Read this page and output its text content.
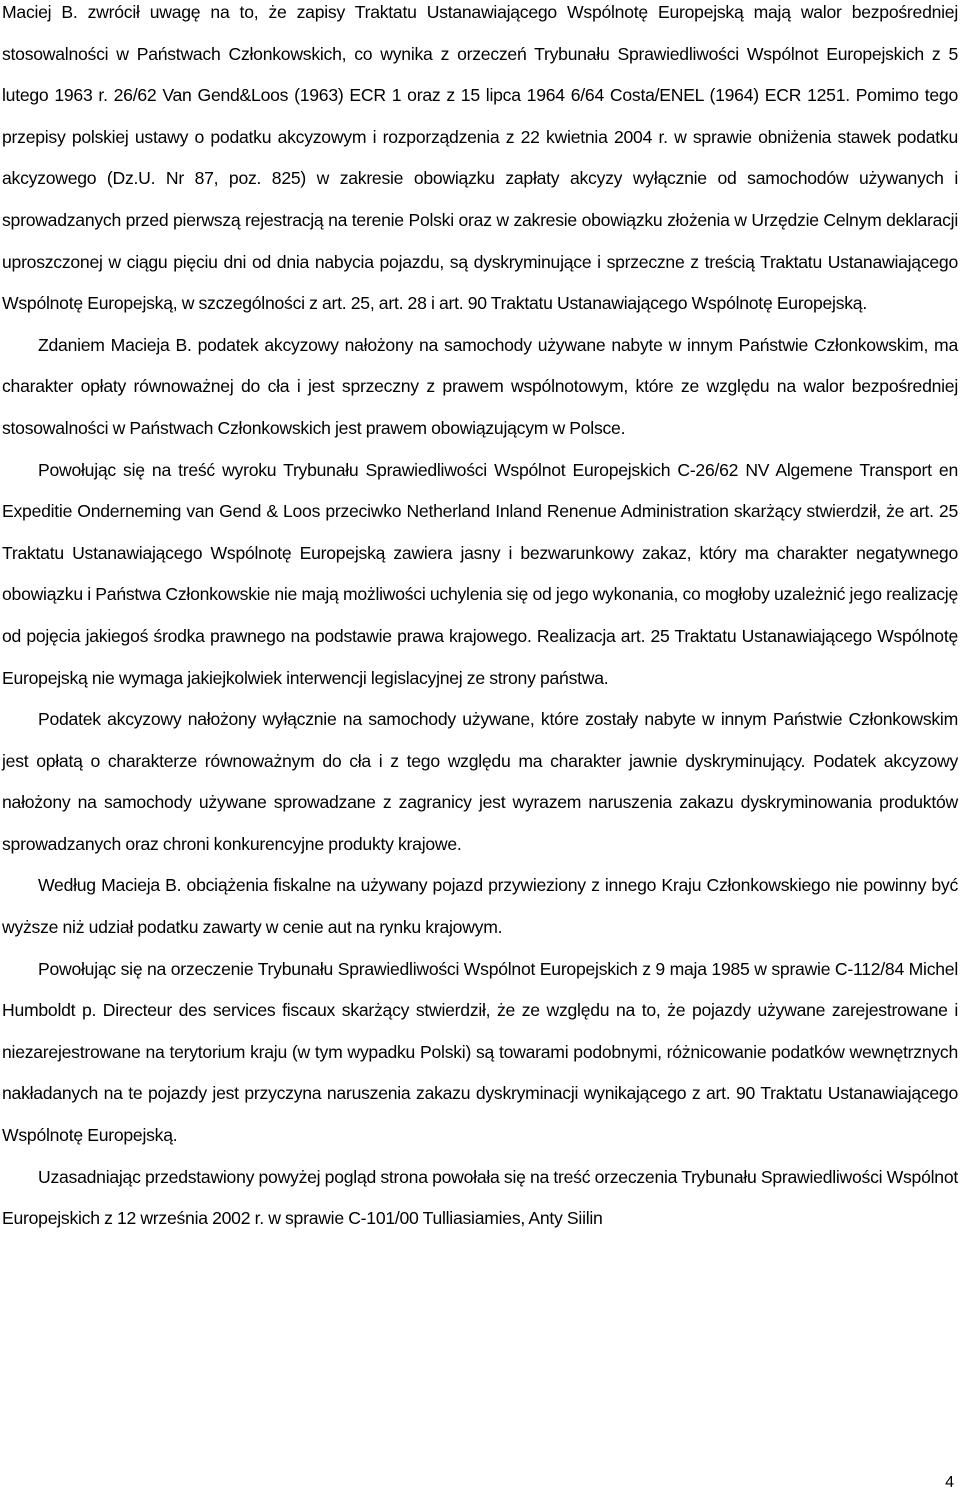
Maciej B. zwrócił uwagę na to, że zapisy Traktatu Ustanawiającego Wspólnotę Europejską mają walor bezpośredniej stosowalności w Państwach Członkowskich, co wynika z orzeczeń Trybunału Sprawiedliwości Wspólnot Europejskich z 5 lutego 1963 r. 26/62 Van Gend&Loos (1963) ECR 1 oraz z 15 lipca 1964 6/64 Costa/ENEL (1964) ECR 1251. Pomimo tego przepisy polskiej ustawy o podatku akcyzowym i rozporządzenia z 22 kwietnia 2004 r. w sprawie obniżenia stawek podatku akcyzowego (Dz.U. Nr 87, poz. 825) w zakresie obowiązku zapłaty akcyzy wyłącznie od samochodów używanych i sprowadzanych przed pierwszą rejestracją na terenie Polski oraz w zakresie obowiązku złożenia w Urzędzie Celnym deklaracji uproszczonej w ciągu pięciu dni od dnia nabycia pojazdu, są dyskryminujące i sprzeczne z treścią Traktatu Ustanawiającego Wspólnotę Europejską, w szczególności z art. 25, art. 28 i art. 90 Traktatu Ustanawiającego Wspólnotę Europejską.

Zdaniem Macieja B. podatek akcyzowy nałożony na samochody używane nabyte w innym Państwie Członkowskim, ma charakter opłaty równoważnej do cła i jest sprzeczny z prawem wspólnotowym, które ze względu na walor bezpośredniej stosowalności w Państwach Członkowskich jest prawem obowiązującym w Polsce.

Powołując się na treść wyroku Trybunału Sprawiedliwości Wspólnot Europejskich C-26/62 NV Algemene Transport en Expeditie Onderneming van Gend & Loos przeciwko Netherland Inland Renenue Administration skarżący stwierdził, że art. 25 Traktatu Ustanawiającego Wspólnotę Europejską zawiera jasny i bezwarunkowy zakaz, który ma charakter negatywnego obowiązku i Państwa Członkowskie nie mają możliwości uchylenia się od jego wykonania, co mogłoby uzależnić jego realizację od pojęcia jakiegoś środka prawnego na podstawie prawa krajowego. Realizacja art. 25 Traktatu Ustanawiającego Wspólnotę Europejską nie wymaga jakiejkolwiek interwencji legislacyjnej ze strony państwa.

Podatek akcyzowy nałożony wyłącznie na samochody używane, które zostały nabyte w innym Państwie Członkowskim jest opłatą o charakterze równoważnym do cła i z tego względu ma charakter jawnie dyskryminujący. Podatek akcyzowy nałożony na samochody używane sprowadzane z zagranicy jest wyrazem naruszenia zakazu dyskryminowania produktów sprowadzanych oraz chroni konkurencyjne produkty krajowe.

Według Macieja B. obciążenia fiskalne na używany pojazd przywieziony z innego Kraju Członkowskiego nie powinny być wyższe niż udział podatku zawarty w cenie aut na rynku krajowym.

Powołując się na orzeczenie Trybunału Sprawiedliwości Wspólnot Europejskich z 9 maja 1985 w sprawie C-112/84 Michel Humboldt p. Directeur des services fiscaux skarżący stwierdził, że ze względu na to, że pojazdy używane zarejestrowane i niezarejestrowane na terytorium kraju (w tym wypadku Polski) są towarami podobnymi, różnicowanie podatków wewnętrznych nakładanych na te pojazdy jest przyczyna naruszenia zakazu dyskryminacji wynikającego z art. 90 Traktatu Ustanawiającego Wspólnotę Europejską.

Uzasadniając przedstawiony powyżej pogląd strona powołała się na treść orzeczenia Trybunału Sprawiedliwości Wspólnot Europejskich z 12 września 2002 r. w sprawie C-101/00 Tulliasiamies, Anty Siilin

4
